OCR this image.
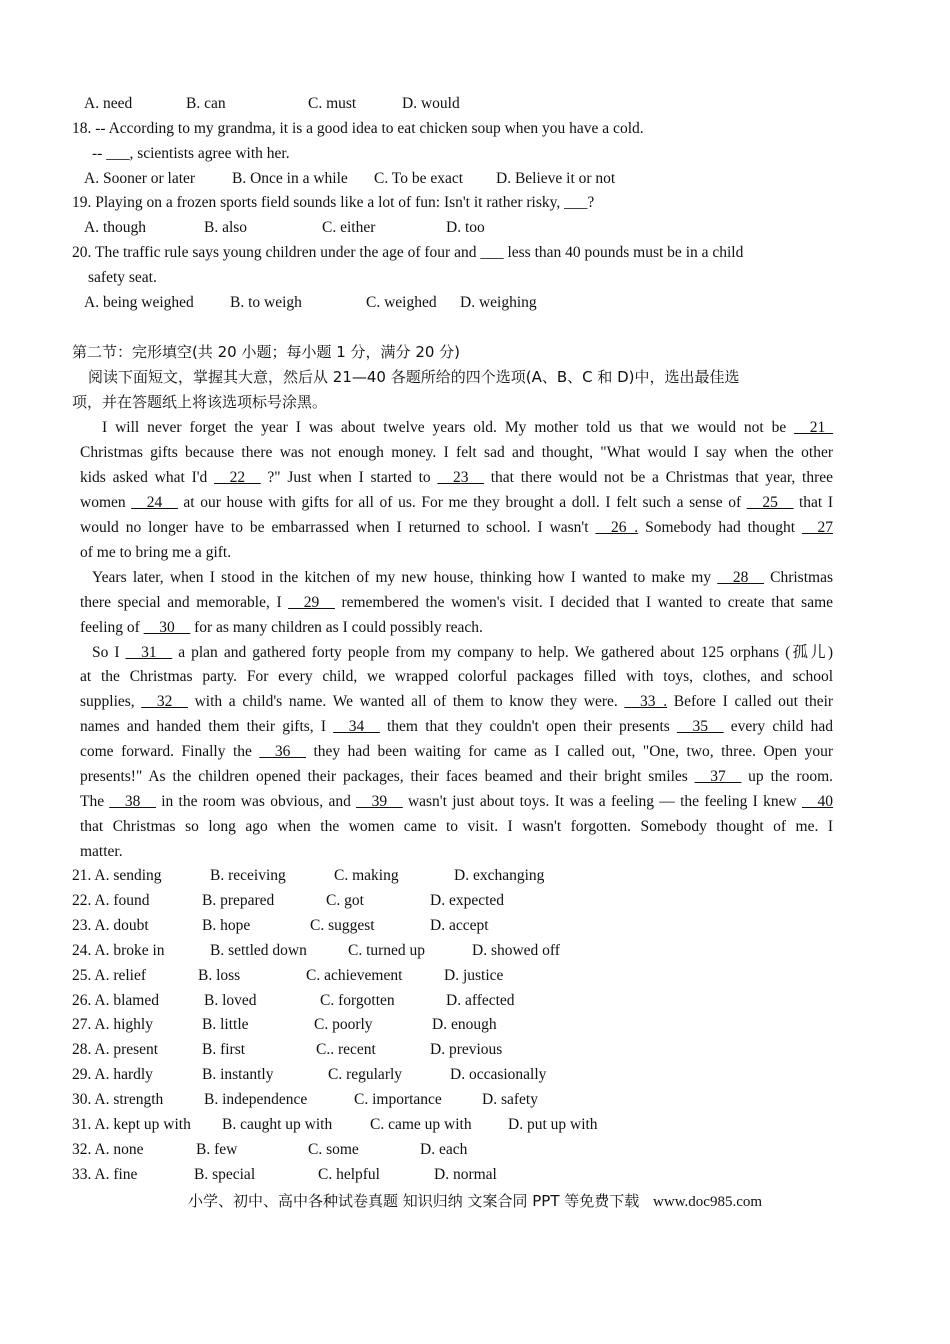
A. need	B. can	C. must	D. would
18. -- According to my grandma, it is a good idea to eat chicken soup when you have a cold.
-- ___, scientists agree with her.
A. Sooner or later B. Once in a while C. To be exact D. Believe it or not
19. Playing on a frozen sports field sounds like a lot of fun: Isn't it rather risky, ___?
A. though	B. also	C. either	D. too
20. The traffic rule says young children under the age of four and ___ less than 40 pounds must be in a child
safety seat.
A. being weighed B. to weigh	C. weighed D. weighing
第二节：完形填空(共 20 小题；每小题 1 分，满分 20 分)
阅读下面短文，掌握其大意，然后从 21—40 各题所给的四个选项(A、B、C 和 D)中，选出最佳选
项，并在答题纸上将该选项标号涂黑。
I will never forget the year I was about twelve years old. My mother told us that we would not be __21_
Christmas gifts because there was not enough money. I felt sad and thought, "What would I say when the other
kids asked what I'd __22__ ?" Just when I started to __23__ that there would not be a Christmas that year, three
women __24__ at our house with gifts for all of us. For me they brought a doll. I felt such a sense of __25__ that I
would no longer have to be embarrassed when I returned to school. I wasn't __26_. Somebody had thought __27
of me to bring me a gift.
Years later, when I stood in the kitchen of my new house, thinking how I wanted to make my __28__ Christmas
there special and memorable, I __29__ remembered the women's visit. I decided that I wanted to create that same
feeling of __30__ for as many children as I could possibly reach.
So I __31__ a plan and gathered forty people from my company to help. We gathered about 125 orphans (孤儿)
at the Christmas party. For every child, we wrapped colorful packages filled with toys, clothes, and school
supplies, __32__ with a child's name. We wanted all of them to know they were. __33_. Before I called out their
names and handed them their gifts, I __34__ them that they couldn't open their presents __35__ every child had
come forward. Finally the __36__ they had been waiting for came as I called out, "One, two, three. Open your
presents!" As the children opened their packages, their faces beamed and their bright smiles __37__ up the room.
The __38__ in the room was obvious, and __39__ wasn't just about toys. It was a feeling — the feeling I knew __40
that Christmas so long ago when the women came to visit. I wasn't forgotten. Somebody thought of me. I
matter.
21. A. sending	B. receiving	C. making	D. exchanging
22. A. found	B. prepared	C. got	D. expected
23. A. doubt	B. hope	C. suggest	D. accept
24. A. broke in	B. settled down	C. turned up	D. showed off
25. A. relief	B. loss	C. achievement	D. justice
26. A. blamed	B. loved	C. forgotten	D. affected
27. A. highly	B. little	C. poorly	D. enough
28. A. present	B. first	C.. recent	D. previous
29. A. hardly	B. instantly	C. regularly	D. occasionally
30. A. strength	B. independence	C. importance	D. safety
31. A. kept up with B. caught up with C. came up with D. put up with
32. A. none	B. few	C. some	D. each
33. A. fine	B. special	C. helpful	D. normal
小学、初中、高中各种试卷真题 知识归纳 文案合同 PPT 等免费下载 www.doc985.com
